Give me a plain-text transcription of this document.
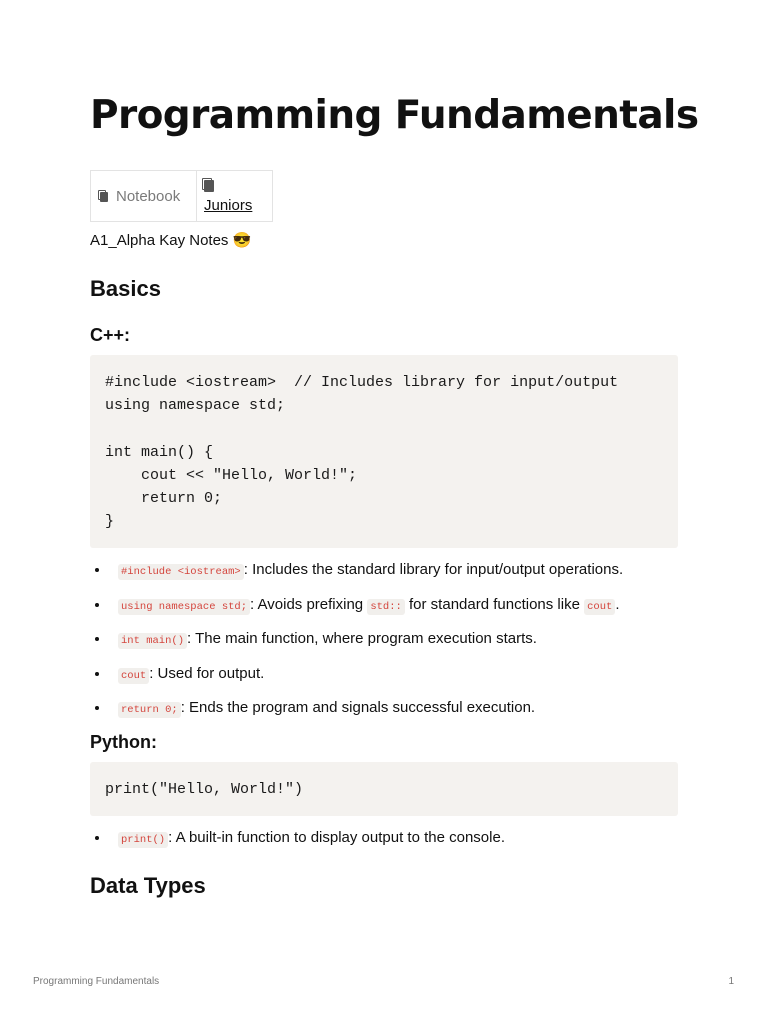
Programming Fundamentals
Notebook	
Juniors
A1_Alpha Kay Notes 😎
Basics
C++:
#include <iostream>  // Includes library for input/output
using namespace std;

int main() {
cout << "Hello, World!";
return 0;
}
• #include <iostream> : Includes the standard library for input/output operations.
• using namespace std; : Avoids prefixing std:: for standard functions like cout .
• int main() : The main function, where program execution starts.
• cout : Used for output.
• return 0; : Ends the program and signals successful execution.
Python:
print("Hello, World!")
• print() : A built-in function to display output to the console.
Data Types
Programming Fundamentals	1
